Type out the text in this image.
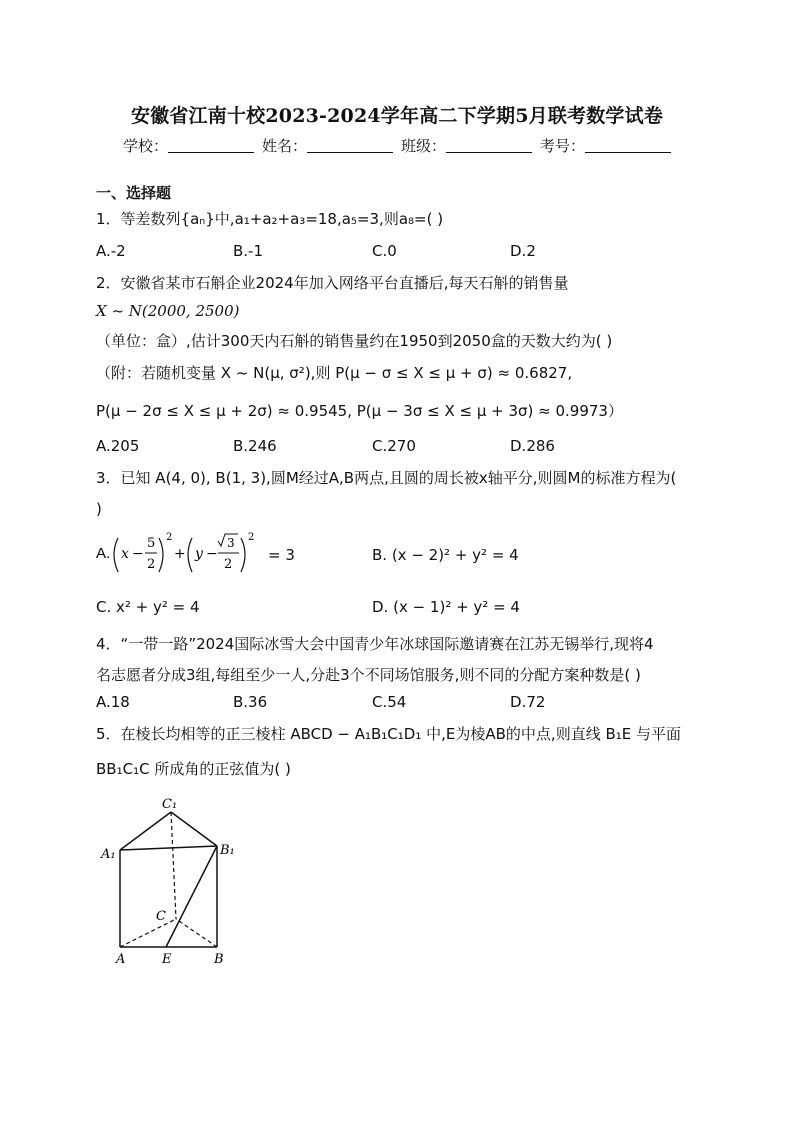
安徽省江南十校2023-2024学年高二下学期5月联考数学试卷
学校：	姓名：	班级：	考号：
一、选择题
1．等差数列{aₙ}中,a₁+a₂+a₃=18,a₅=3,则a₈=( )
A.-2	B.-1	C.0	D.2
2．安徽省某市石斛企业2024年加入网络平台直播后,每天石斛的销售量
X ~ N(2000, 2500)
（单位：盒）,估计300天内石斛的销售量约在1950到2050盒的天数大约为( )
（附：若随机变量 X ~ N(μ, σ²),则 P(μ − σ ≤ X ≤ μ + σ) ≈ 0.6827,
P(μ − 2σ ≤ X ≤ μ + 2σ) ≈ 0.9545, P(μ − 3σ ≤ X ≤ μ + 3σ) ≈ 0.9973）
A.205	B.246	C.270	D.286
3．已知 A(4, 0), B(1, 3),圆M经过A,B两点,且圆的周长被x轴平分,则圆M的标准方程为(
)
A. x −
5
2
2
+ y −
3
2
2
= 3	B. (x − 2)² + y² = 4
C. x² + y² = 4	D. (x − 1)² + y² = 4
4．“一带一路”2024国际冰雪大会中国青少年冰球国际邀请赛在江苏无锡举行,现将4
名志愿者分成3组,每组至少一人,分赴3个不同场馆服务,则不同的分配方案种数是( )
A.18	B.36	C.54	D.72
5．在棱长均相等的正三棱柱 ABCD − A₁B₁C₁D₁ 中,E为棱AB的中点,则直线 B₁E 与平面
BB₁C₁C 所成角的正弦值为( )
C₁
A₁	B₁
C
A	E	B
